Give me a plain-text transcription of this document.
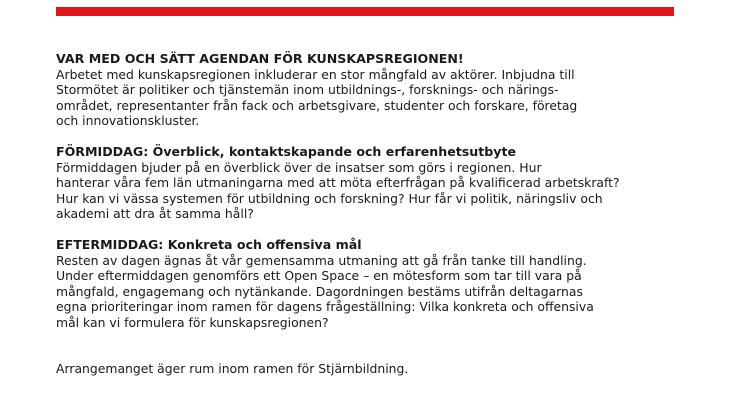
VAR MED OCH SÄTT AGENDAN FÖR KUNSKAPSREGIONEN!
Arbetet med kunskapsregionen inkluderar en stor mångfald av aktörer. Inbjudna till
Stormötet är politiker och tjänstemän inom utbildnings-, forsknings- och närings-
området, representanter från fack och arbetsgivare, studenter och forskare, företag
och innovationskluster.
FÖRMIDDAG: Överblick, kontaktskapande och erfarenhetsutbyte
Förmiddagen bjuder på en överblick över de insatser som görs i regionen. Hur
hanterar våra fem län utmaningarna med att möta efterfrågan på kvalificerad arbetskraft?
Hur kan vi vässa systemen för utbildning och forskning? Hur får vi politik, näringsliv och
akademi att dra åt samma håll?
EFTERMIDDAG: Konkreta och offensiva mål
Resten av dagen ägnas åt vår gemensamma utmaning att gå från tanke till handling.
Under eftermiddagen genomförs ett Open Space – en mötesform som tar till vara på
mångfald, engagemang och nytänkande. Dagordningen bestäms utifrån deltagarnas
egna prioriteringar inom ramen för dagens frågeställning: Vilka konkreta och offensiva
mål kan vi formulera för kunskapsregionen?
Arrangemanget äger rum inom ramen för Stjärnbildning.
